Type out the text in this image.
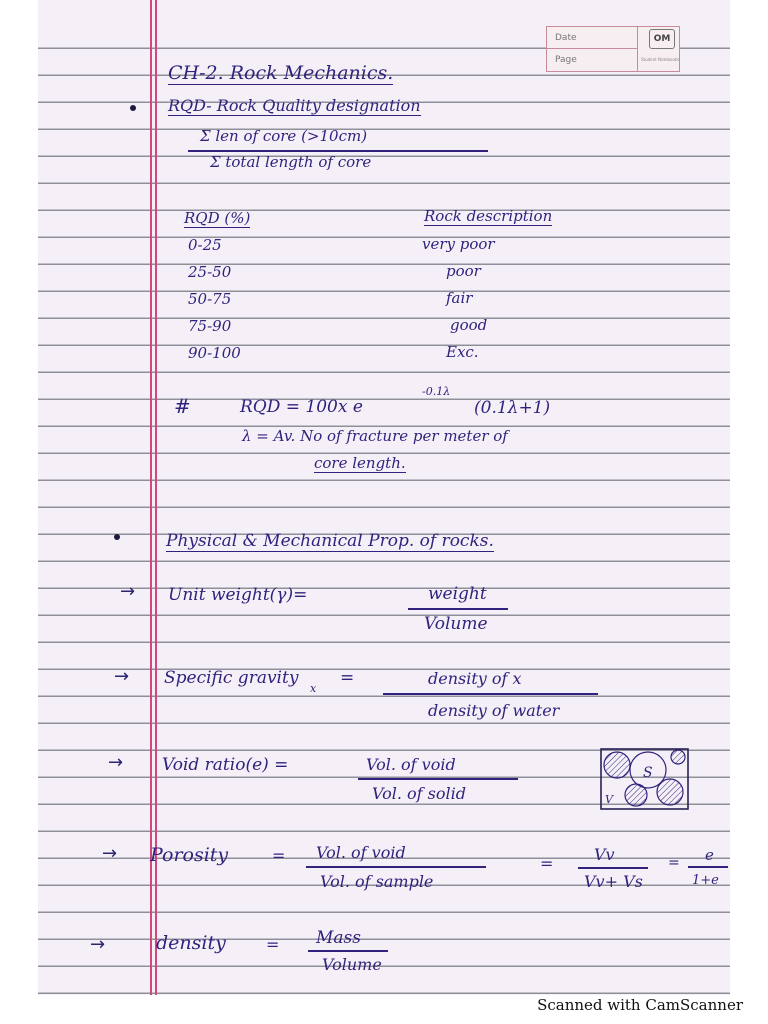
Date
Page
OM
Student Notebooks
CH-2. Rock Mechanics.
RQD- Rock Quality designation
Σ len of core (>10cm)
Σ total length of core
RQD (%)	Rock description
0-25	very poor
25-50	poor
50-75	fair
75-90	good
90-100	Exc.
#	RQD = 100x e
-0.1λ
(0.1λ+1)
λ = Av. No of fracture per meter of
core length.
Physical & Mechanical Prop. of rocks.
→ Unit weight(γ)=	weight
Volume
→ Specific gravity
x
=	density of x
density of water
→ Void ratio(e) =	Vol. of void
Vol. of solid
S
V
→ Porosity	= Vol. of void
Vol. of sample
=	Vv
Vv+ Vs
= e
1+e
→	density	= Mass
Volume
Scanned with CamScanner
